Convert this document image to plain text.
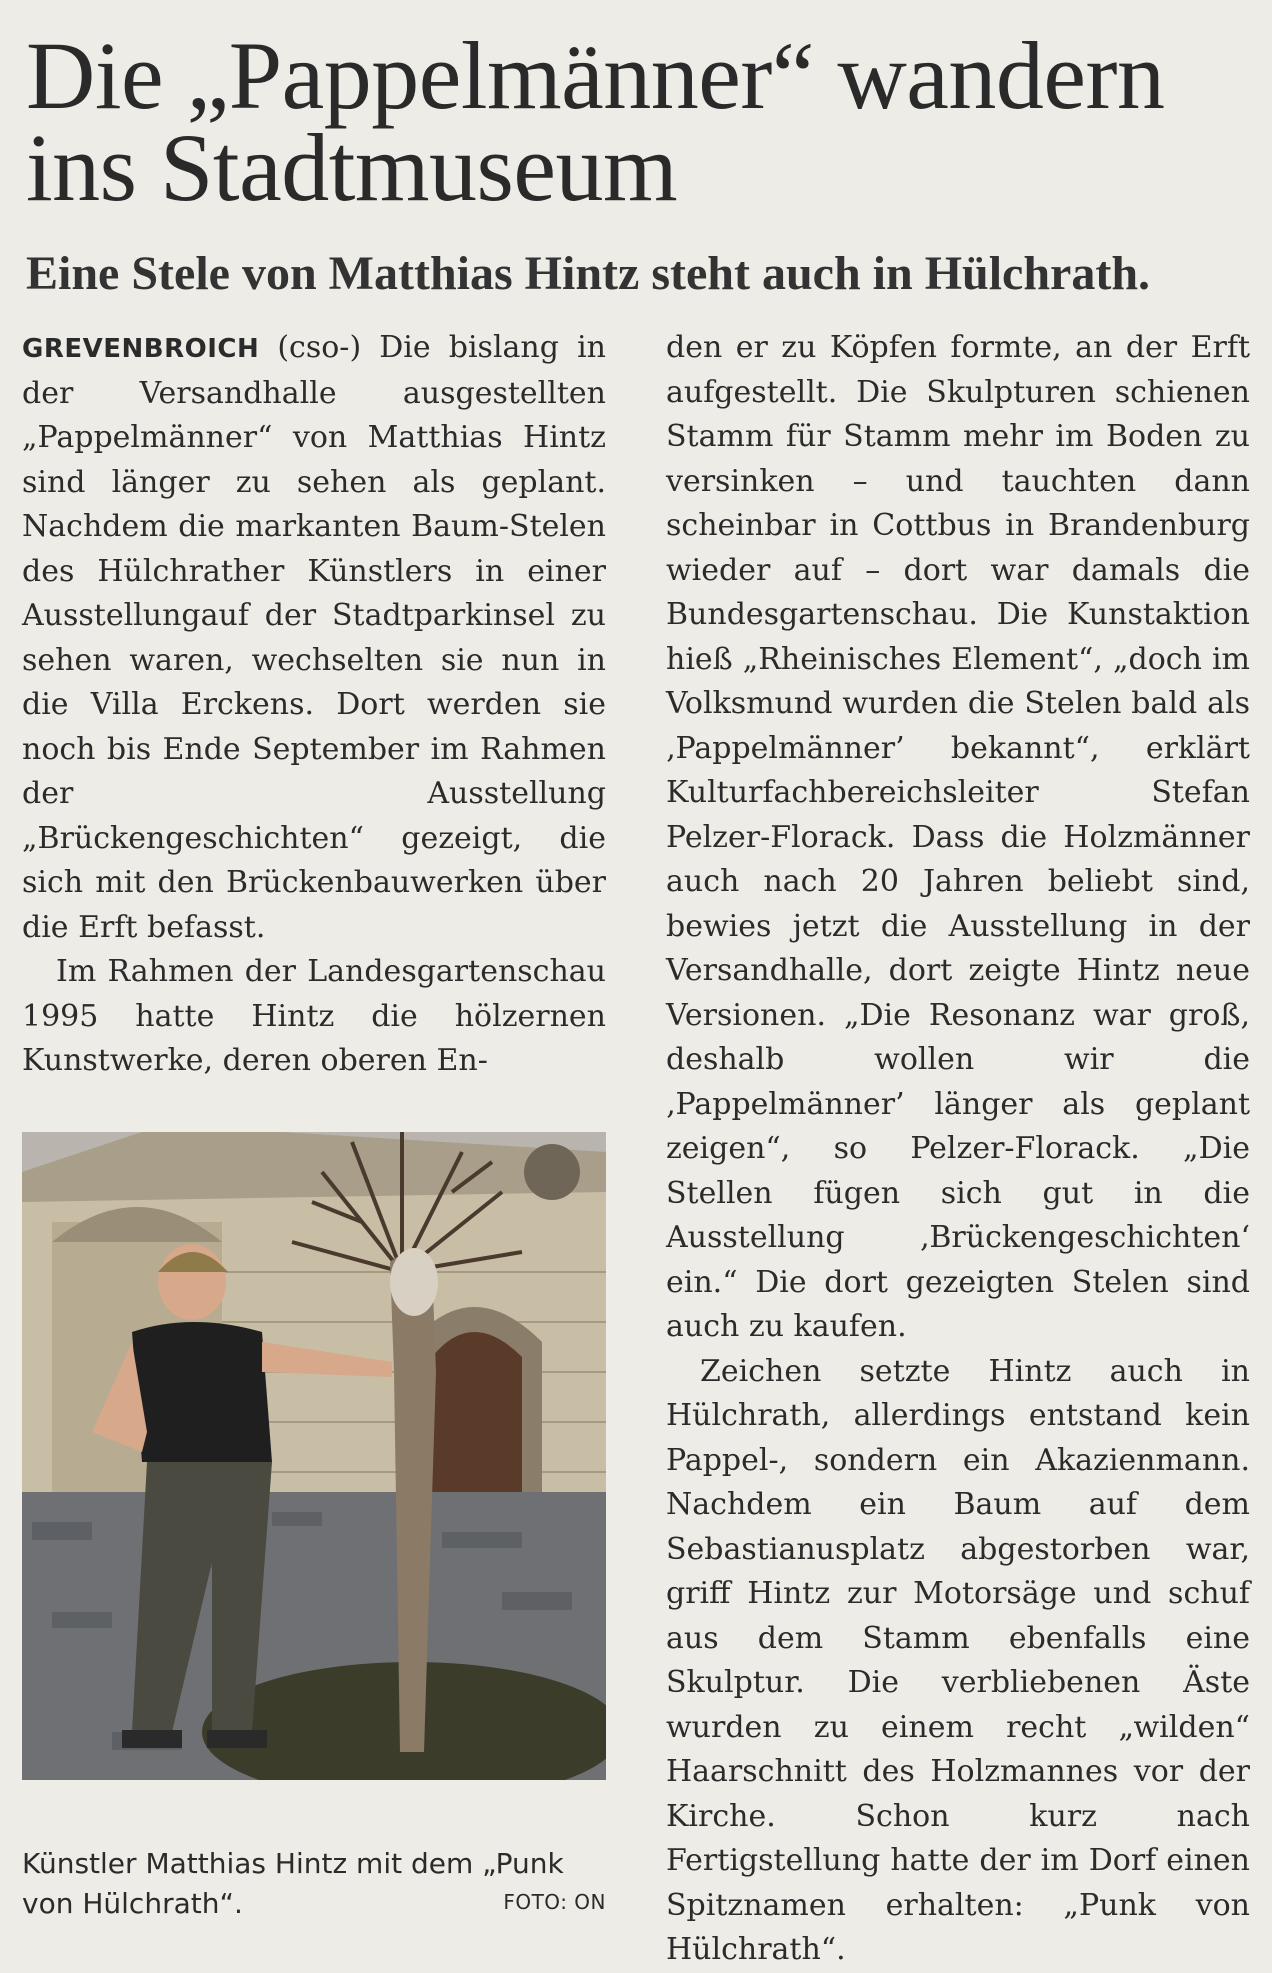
Die „Pappelmänner“ wandern ins Stadtmuseum
Eine Stele von Matthias Hintz steht auch in Hülchrath.

GREVENBROICH (cso-) Die bislang in der Versandhalle ausgestellten „Pappelmänner“ von Matthias Hintz sind länger zu sehen als geplant. Nachdem die markanten Baum-Stelen des Hülchrather Künstlers in einer Ausstellungauf der Stadtparkinsel zu sehen waren, wechselten sie nun in die Villa Erckens. Dort werden sie noch bis Ende September im Rahmen der Ausstellung „Brückengeschichten“ gezeigt, die sich mit den Brückenbauwerken über die Erft befasst.

Im Rahmen der Landesgartenschau 1995 hatte Hintz die hölzernen Kunstwerke, deren oberen En-

Künstler Matthias Hintz mit dem „Punk von Hülchrath“.	FOTO: ON

den er zu Köpfen formte, an der Erft aufgestellt. Die Skulpturen schienen Stamm für Stamm mehr im Boden zu versinken – und tauchten dann scheinbar in Cottbus in Brandenburg wieder auf – dort war damals die Bundesgartenschau. Die Kunstaktion hieß „Rheinisches Element“, „doch im Volksmund wurden die Stelen bald als ‚Pappelmänner’ bekannt“, erklärt Kulturfachbereichsleiter Stefan Pelzer-Florack. Dass die Holzmänner auch nach 20 Jahren beliebt sind, bewies jetzt die Ausstellung in der Versandhalle, dort zeigte Hintz neue Versionen. „Die Resonanz war groß, deshalb wollen wir die ‚Pappelmänner’ länger als geplant zeigen“, so Pelzer-Florack. „Die Stellen fügen sich gut in die Ausstellung ‚Brückengeschichten‘ ein.“ Die dort gezeigten Stelen sind auch zu kaufen.

Zeichen setzte Hintz auch in Hülchrath, allerdings entstand kein Pappel-, sondern ein Akazienmann. Nachdem ein Baum auf dem Sebastianusplatz abgestorben war, griff Hintz zur Motorsäge und schuf aus dem Stamm ebenfalls eine Skulptur. Die verbliebenen Äste wurden zu einem recht „wilden“ Haarschnitt des Holzmannes vor der Kirche. Schon kurz nach Fertigstellung hatte der im Dorf einen Spitznamen erhalten: „Punk von Hülchrath“.
